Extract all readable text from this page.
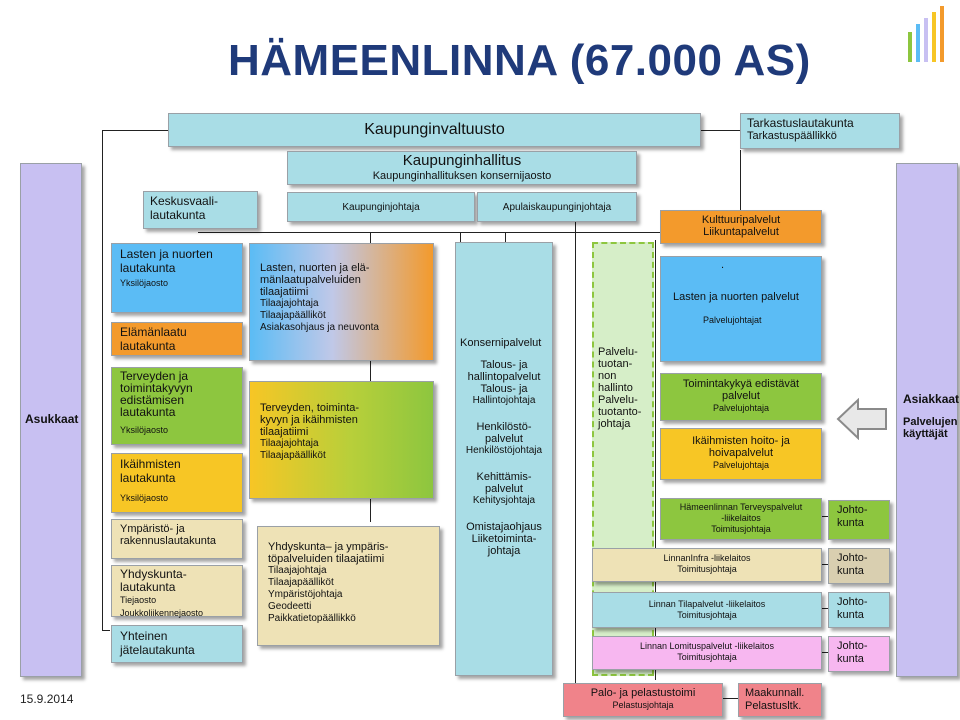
HÄMEENLINNA (67.000 AS)
Asukkaat
Asiakkaat
Palvelujen käyttäjät
Kaupunginvaltuusto	Tarkastuslautakunta
Tarkastuspäällikkö
Kaupunginhallitus
Kaupunginhallituksen konsernijaosto
Keskusvaali-lautakunta
Kaupunginjohtaja	Apulaiskaupunginjohtaja
Kulttuuripalvelut
Liikuntapalvelut
Lasten ja nuorten lautakunta
Yksilöjaosto
Elämänlaatu lautakunta
Terveyden ja toimintakyvyn edistämisen lautakunta
Yksilöjaosto
Ikäihmisten lautakunta
Yksilöjaosto
Ympäristö- ja rakennuslautakunta
Yhdyskunta-lautakunta
Tiejaosto
Joukkoliikennejaosto
Yhteinen jätelautakunta
Lasten, nuorten ja elä-
mänlaatupalveluiden
tilaajatiimi
Tilaajajohtaja
Tilaajapäälliköt
Asiakasohjaus ja neuvonta
Terveyden, toiminta-
kyvyn ja ikäihmisten
tilaajatiimi
Tilaajajohtaja
Tilaajapäälliköt
Yhdyskunta– ja ympäris-
töpalveluiden tilaajatiimi
Tilaajajohtaja
Tilaajapäälliköt
Ympäristöjohtaja
Geodeetti
Paikkatietopäällikkö
Konsernipalvelut
Talous- ja
hallintopalvelut
Talous- ja
Hallintojohtaja
Henkilöstö-
palvelut
Henkilöstöjohtaja
Kehittämis-
palvelut
Kehitysjohtaja
Omistajaohjaus
Liiketoiminta-
johtaja
Palvelu-
tuotan-
non
hallinto
Palvelu-
tuotanto-
johtaja
.
Lasten ja nuorten palvelut
Palvelujohtajat
Toimintakykyä edistävät
palvelut
Palvelujohtaja
Ikäihmisten hoito- ja
hoivapalvelut
Palvelujohtaja
Hämeenlinnan Terveyspalvelut
-liikelaitos
Toimitusjohtaja
LinnanInfra -liikelaitos
Toimitusjohtaja
Linnan Tilapalvelut -liikelaitos
Toimitusjohtaja
Linnan Lomituspalvelut -liikelaitos
Toimitusjohtaja
Palo- ja pelastustoimi
Pelastusjohtaja
Maakunnall.
Pelastusltk.
Johto-
kunta
Johto-
kunta
Johto-
kunta
Johto-
kunta
15.9.2014
